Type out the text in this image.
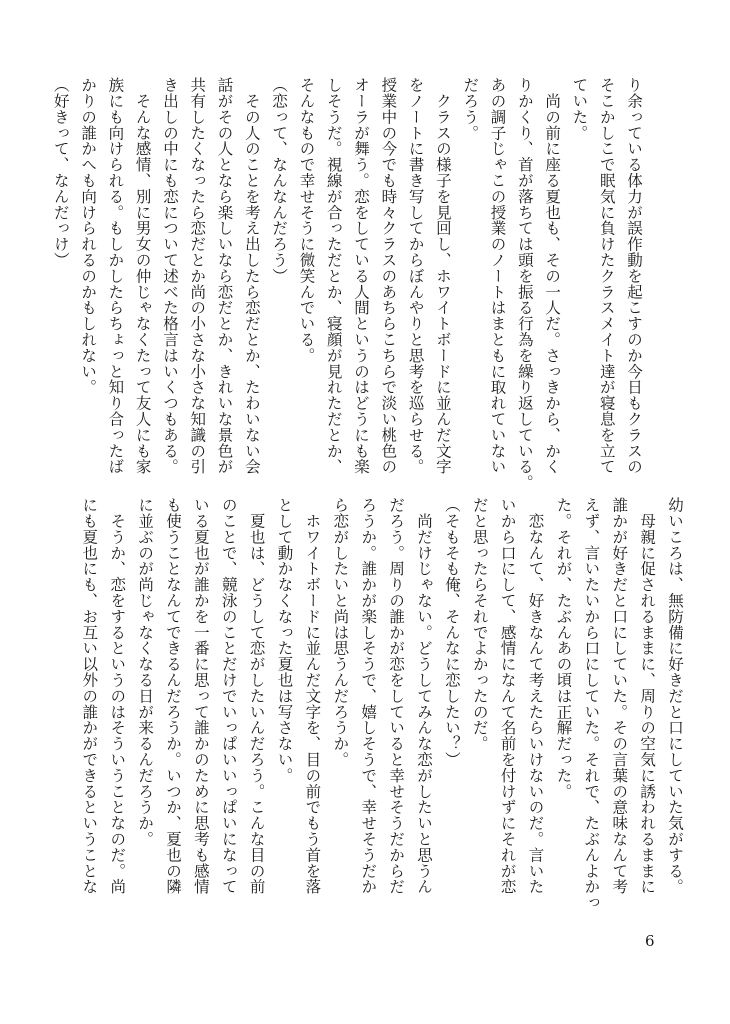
り余っている体力が誤作動を起こすのか今日もクラスの
そこかしこで眠気に負けたクラスメイト達が寝息を立て
ていた。
　尚の前に座る夏也も、その一人だ。さっきから、かく
りかくり、首が落ちては頭を振る行為を繰り返している。
あの調子じゃこの授業のノートはまともに取れていない
だろう。
　クラスの様子を見回し、ホワイトボードに並んだ文字
をノートに書き写してからぼんやりと思考を巡らせる。
授業中の今でも時々クラスのあちらこちらで淡い桃色の
オーラが舞う。恋をしている人間というのはどうにも楽
しそうだ。視線が合っただとか、寝顔が見れただとか、
そんなもので幸せそうに微笑んでいる。
（恋って、なんなんだろう）
　その人のことを考え出したら恋だとか、たわいない会
話がその人となら楽しいなら恋だとか、きれいな景色が
共有したくなったら恋だとか尚の小さな小さな知識の引
き出しの中にも恋について述べた格言はいくつもある。
　そんな感情、別に男女の仲じゃなくたって友人にも家
族にも向けられる。もしかしたらちょっと知り合ったば
かりの誰かへも向けられるのかもしれない。
（好きって、なんだっけ）
幼いころは、無防備に好きだと口にしていた気がする。
　母親に促されるままに、周りの空気に誘われるままに
誰かが好きだと口にしていた。その言葉の意味なんて考
えず、言いたいから口にしていた。それで、たぶんよかっ
た。それが、たぶんあの頃は正解だった。
　恋なんて、好きなんて考えたらいけないのだ。言いた
いから口にして、感情になんて名前を付けずにそれが恋
だと思ったらそれでよかったのだ。
（そもそも俺、そんなに恋したい？）
　尚だけじゃない。どうしてみんな恋がしたいと思うん
だろう。周りの誰かが恋をしていると幸せそうだからだ
ろうか。誰かが楽しそうで、嬉しそうで、幸せそうだか
ら恋がしたいと尚は思うんだろうか。
　ホワイトボードに並んだ文字を、目の前でもう首を落
として動かなくなった夏也は写さない。
　夏也は、どうして恋がしたいんだろう。こんな目の前
のことで、競泳のことだけでいっぱいいっぱいになって
いる夏也が誰かを一番に思って誰かのために思考も感情
も使うことなんてできるんだろうか。いつか、夏也の隣
に並ぶのが尚じゃなくなる日が来るんだろうか。
　そうか、恋をするというのはそういうことなのだ。尚
にも夏也にも、お互い以外の誰かができるということな
6
